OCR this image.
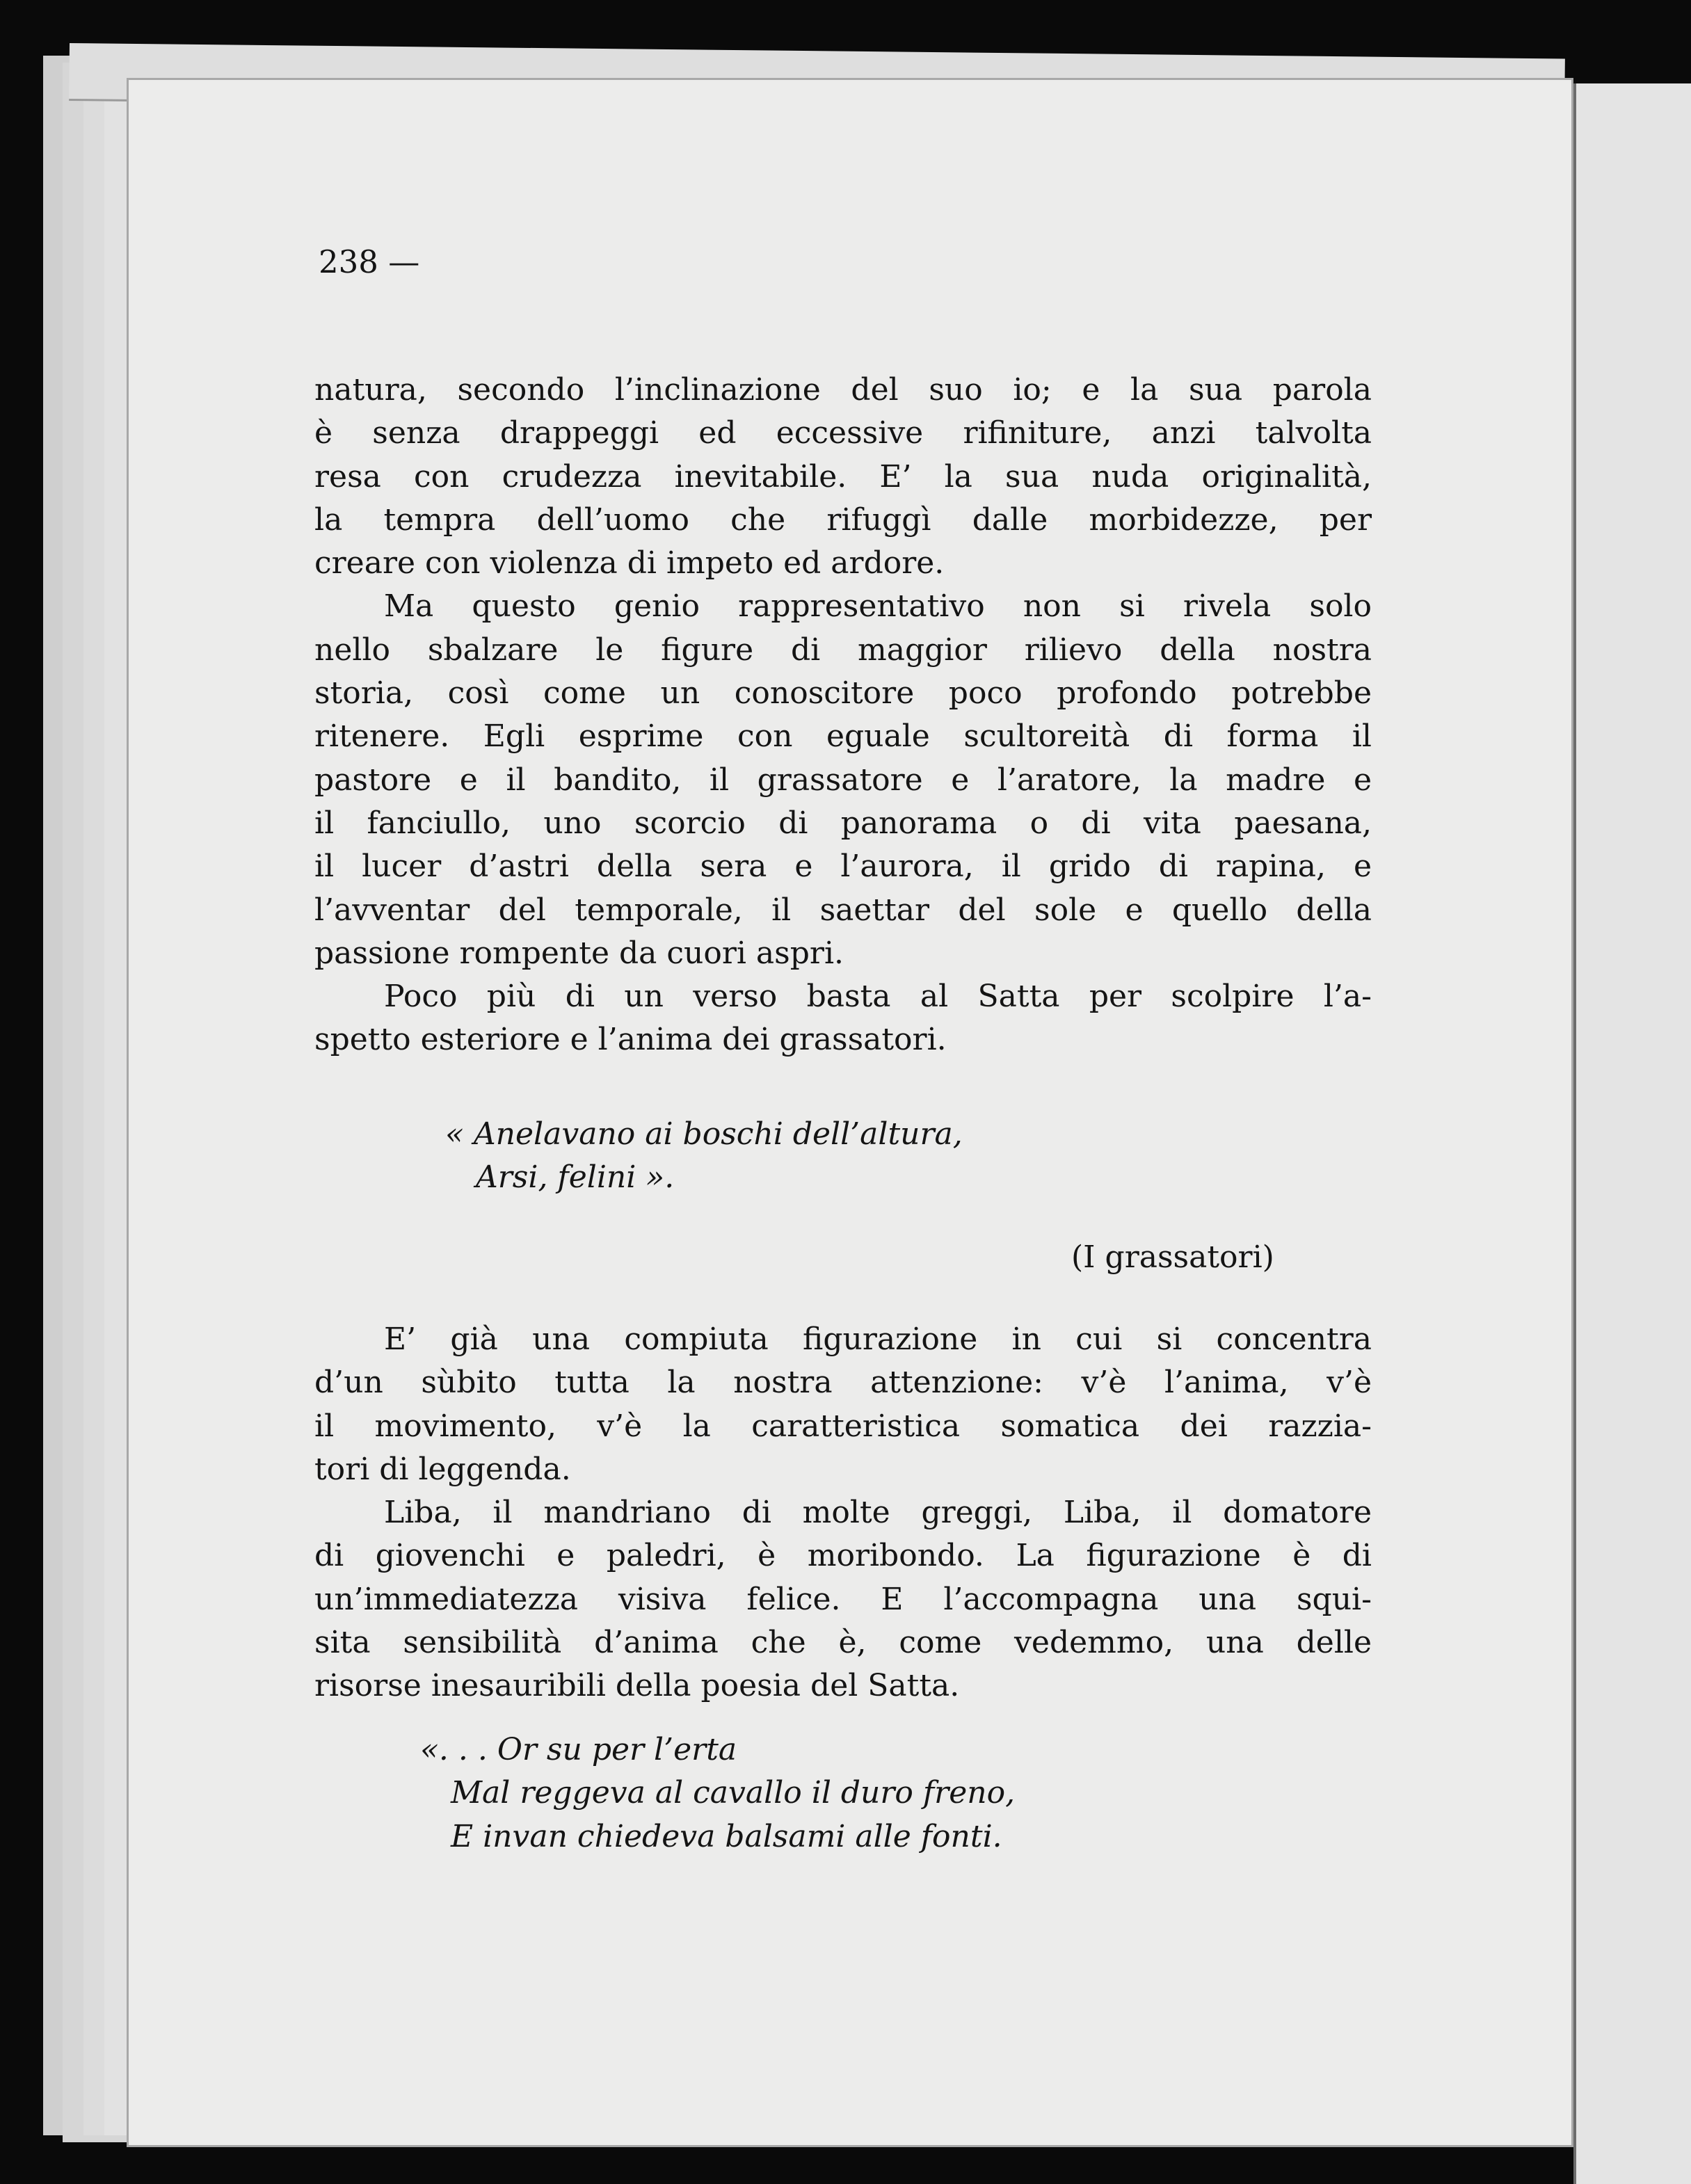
238 —
natura, secondo l’inclinazione del suo io; e la sua parola
è senza drappeggi ed eccessive rifiniture, anzi talvolta
resa con crudezza inevitabile. E’ la sua nuda originalità,
la tempra dell’uomo che rifuggì dalle morbidezze, per
creare con violenza di impeto ed ardore.
Ma questo genio rappresentativo non si rivela solo
nello sbalzare le figure di maggior rilievo della nostra
storia, così come un conoscitore poco profondo potrebbe
ritenere. Egli esprime con eguale scultoreità di forma il
pastore e il bandito, il grassatore e l’aratore, la madre e
il fanciullo, uno scorcio di panorama o di vita paesana,
il lucer d’astri della sera e l’aurora, il grido di rapina, e
l’avventar del temporale, il saettar del sole e quello della
passione rompente da cuori aspri.
Poco più di un verso basta al Satta per scolpire l’a-
spetto esteriore e l’anima dei grassatori.
« Anelavano ai boschi dell’altura,
Arsi, felini ».
(I grassatori)
E’ già una compiuta figurazione in cui si concentra
d’un sùbito tutta la nostra attenzione: v’è l’anima, v’è
il movimento, v’è la caratteristica somatica dei razzia-
tori di leggenda.
Liba, il mandriano di molte greggi, Liba, il domatore
di giovenchi e paledri, è moribondo. La figurazione è di
un’immediatezza visiva felice. E l’accompagna una squi-
sita sensibilità d’anima che è, come vedemmo, una delle
risorse inesauribili della poesia del Satta.
«. . . Or su per l’erta
Mal reggeva al cavallo il duro freno,
E invan chiedeva balsami alle fonti.
